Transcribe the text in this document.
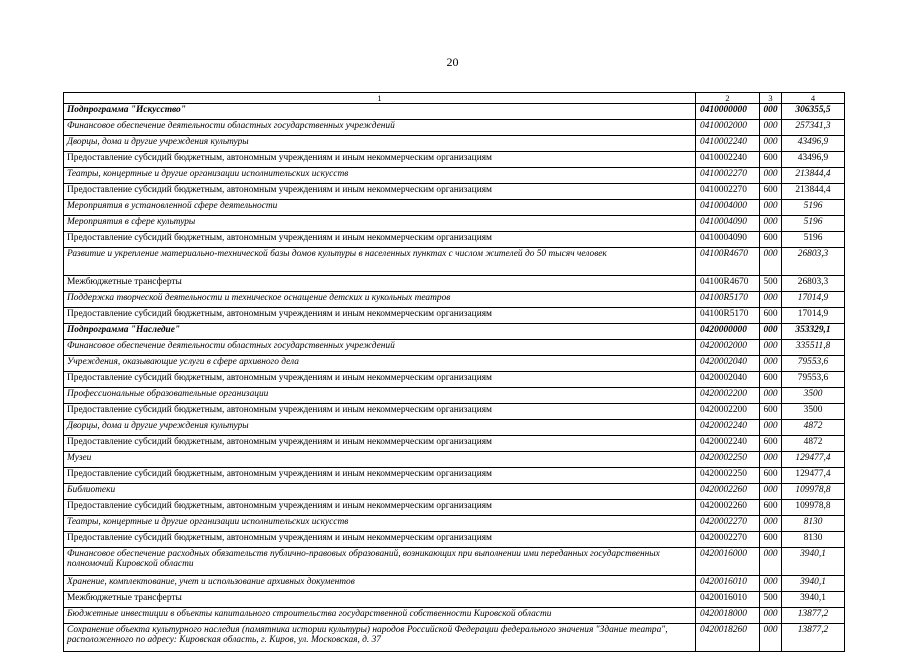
20
1	2	3	4
Подпрограмма "Искусство"	0410000000	000	306355,5
Финансовое обеспечение деятельности областных государственных учреждений	0410002000	000	257341,3
Дворцы, дома и другие учреждения культуры	0410002240	000	43496,9
Предоставление субсидий бюджетным, автономным учреждениям и иным некоммерческим организациям	0410002240	600	43496,9
Театры, концертные и другие организации исполнительских искусств	0410002270	000	213844,4
Предоставление субсидий бюджетным, автономным учреждениям и иным некоммерческим организациям	0410002270	600	213844,4
Мероприятия в установленной сфере деятельности	0410004000	000	5196
Мероприятия в сфере культуры	0410004090	000	5196
Предоставление субсидий бюджетным, автономным учреждениям и иным некоммерческим организациям	0410004090	600	5196
Развитие и укрепление материально-технической базы домов культуры в населенных пунктах с числом жителей до 50 тысяч человек	04100R4670	000	26803,3
Межбюджетные трансферты	04100R4670	500	26803,3
Поддержка творческой деятельности и техническое оснащение детских и кукольных театров	04100R5170	000	17014,9
Предоставление субсидий бюджетным, автономным учреждениям и иным некоммерческим организациям	04100R5170	600	17014,9
Подпрограмма "Наследие"	0420000000	000	353329,1
Финансовое обеспечение деятельности областных государственных учреждений	0420002000	000	335511,8
Учреждения, оказывающие услуги в сфере архивного дела	0420002040	000	79553,6
Предоставление субсидий бюджетным, автономным учреждениям и иным некоммерческим организациям	0420002040	600	79553,6
Профессиональные образовательные организации	0420002200	000	3500
Предоставление субсидий бюджетным, автономным учреждениям и иным некоммерческим организациям	0420002200	600	3500
Дворцы, дома и другие учреждения культуры	0420002240	000	4872
Предоставление субсидий бюджетным, автономным учреждениям и иным некоммерческим организациям	0420002240	600	4872
Музеи	0420002250	000	129477,4
Предоставление субсидий бюджетным, автономным учреждениям и иным некоммерческим организациям	0420002250	600	129477,4
Библиотеки	0420002260	000	109978,8
Предоставление субсидий бюджетным, автономным учреждениям и иным некоммерческим организациям	0420002260	600	109978,8
Театры, концертные и другие организации исполнительских искусств	0420002270	000	8130
Предоставление субсидий бюджетным, автономным учреждениям и иным некоммерческим организациям	0420002270	600	8130
Финансовое обеспечение расходных обязательств публично-правовых образований, возникающих при выполнении ими переданных государственных полномочий Кировской области	0420016000	000	3940,1
Хранение, комплектование, учет и использование архивных документов	0420016010	000	3940,1
Межбюджетные трансферты	0420016010	500	3940,1
Бюджетные инвестиции в объекты капитального строительства государственной собственности Кировской области	0420018000	000	13877,2
Сохранение объекта культурного наследия (памятника истории культуры) народов Российской Федерации федерального значения "Здание театра", расположенного по адресу: Кировская область, г. Киров, ул. Московская, д. 37	0420018260	000	13877,2
